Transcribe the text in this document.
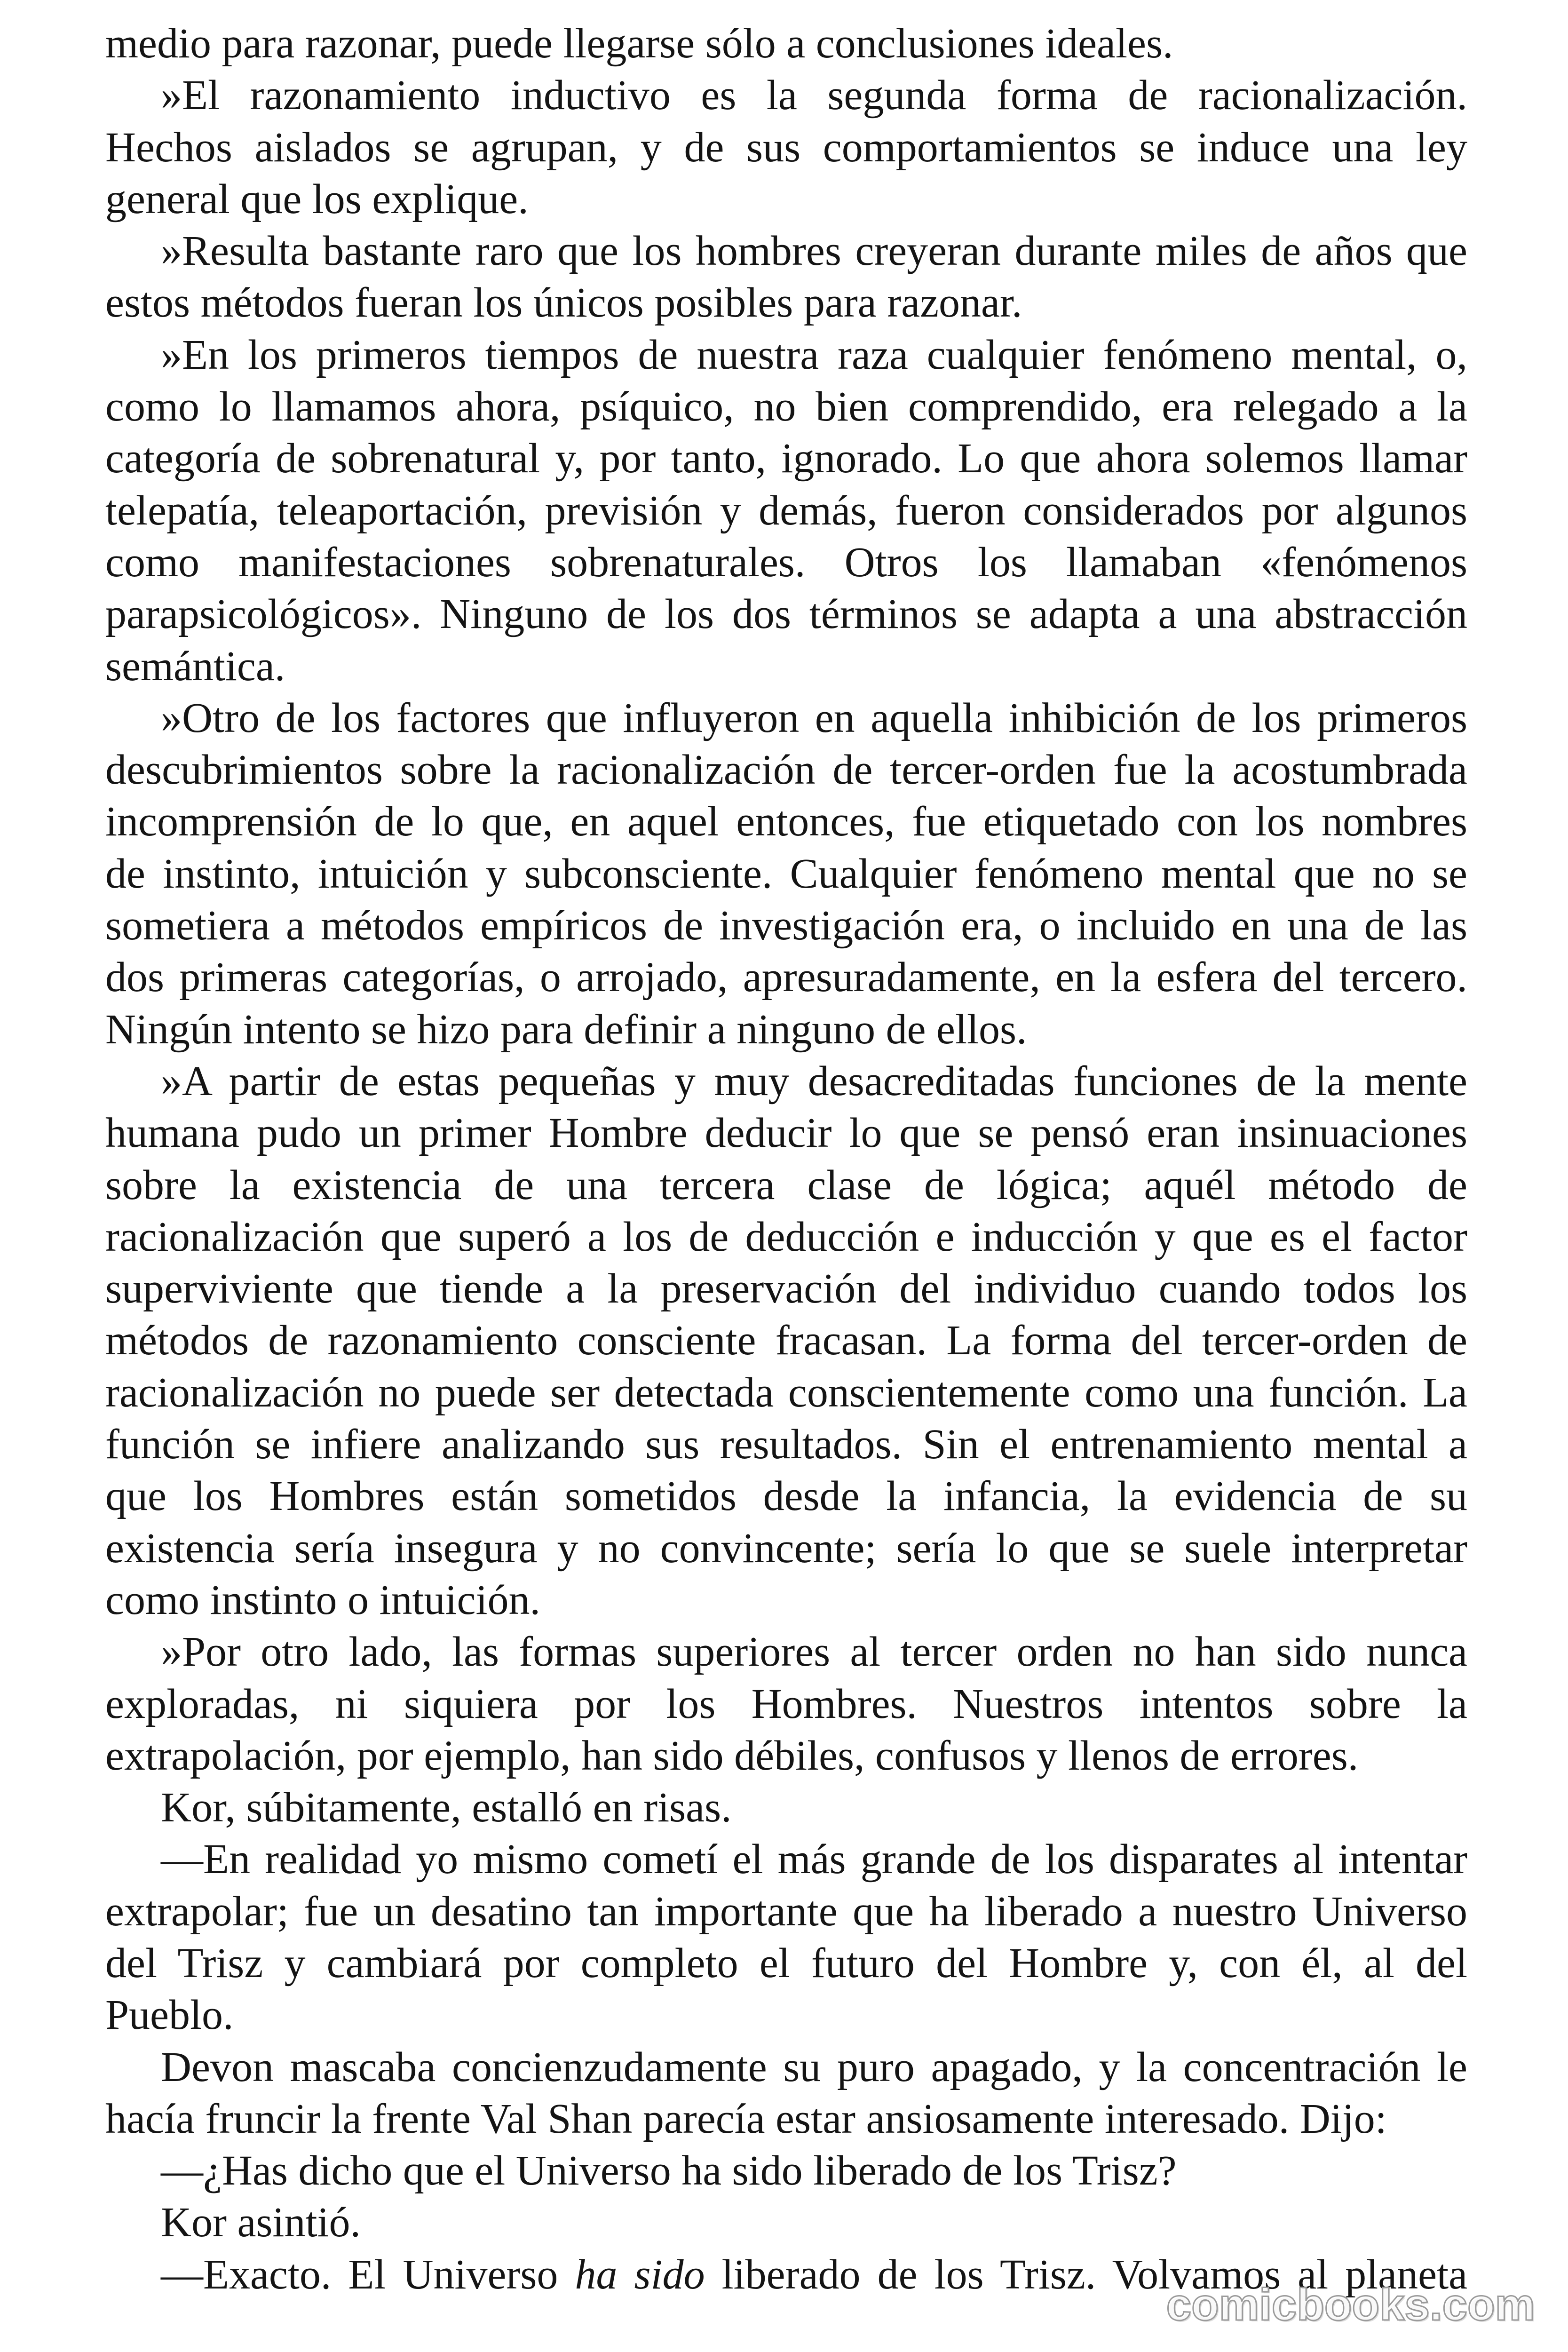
medio para razonar, puede llegarse sólo a conclusiones ideales.
»El razonamiento inductivo es la segunda forma de racionalización.
Hechos aislados se agrupan, y de sus comportamientos se induce una ley
general que los explique.
»Resulta bastante raro que los hombres creyeran durante miles de años que
estos métodos fueran los únicos posibles para razonar.
»En los primeros tiempos de nuestra raza cualquier fenómeno mental, o,
como lo llamamos ahora, psíquico, no bien comprendido, era relegado a la
categoría de sobrenatural y, por tanto, ignorado. Lo que ahora solemos llamar
telepatía, teleaportación, previsión y demás, fueron considerados por algunos
como manifestaciones sobrenaturales. Otros los llamaban «fenómenos
parapsicológicos». Ninguno de los dos términos se adapta a una abstracción
semántica.
»Otro de los factores que influyeron en aquella inhibición de los primeros
descubrimientos sobre la racionalización de tercer-orden fue la acostumbrada
incomprensión de lo que, en aquel entonces, fue etiquetado con los nombres
de instinto, intuición y subconsciente. Cualquier fenómeno mental que no se
sometiera a métodos empíricos de investigación era, o incluido en una de las
dos primeras categorías, o arrojado, apresuradamente, en la esfera del tercero.
Ningún intento se hizo para definir a ninguno de ellos.
»A partir de estas pequeñas y muy desacreditadas funciones de la mente
humana pudo un primer Hombre deducir lo que se pensó eran insinuaciones
sobre la existencia de una tercera clase de lógica; aquél método de
racionalización que superó a los de deducción e inducción y que es el factor
superviviente que tiende a la preservación del individuo cuando todos los
métodos de razonamiento consciente fracasan. La forma del tercer-orden de
racionalización no puede ser detectada conscientemente como una función. La
función se infiere analizando sus resultados. Sin el entrenamiento mental a
que los Hombres están sometidos desde la infancia, la evidencia de su
existencia sería insegura y no convincente; sería lo que se suele interpretar
como instinto o intuición.
»Por otro lado, las formas superiores al tercer orden no han sido nunca
exploradas, ni siquiera por los Hombres. Nuestros intentos sobre la
extrapolación, por ejemplo, han sido débiles, confusos y llenos de errores.
Kor, súbitamente, estalló en risas.
—En realidad yo mismo cometí el más grande de los disparates al intentar
extrapolar; fue un desatino tan importante que ha liberado a nuestro Universo
del Trisz y cambiará por completo el futuro del Hombre y, con él, al del
Pueblo.
Devon mascaba concienzudamente su puro apagado, y la concentración le
hacía fruncir la frente Val Shan parecía estar ansiosamente interesado. Dijo:
—¿Has dicho que el Universo ha sido liberado de los Trisz?
Kor asintió.
—Exacto. El Universo ha sido liberado de los Trisz. Volvamos al planeta
comicbooks.com
